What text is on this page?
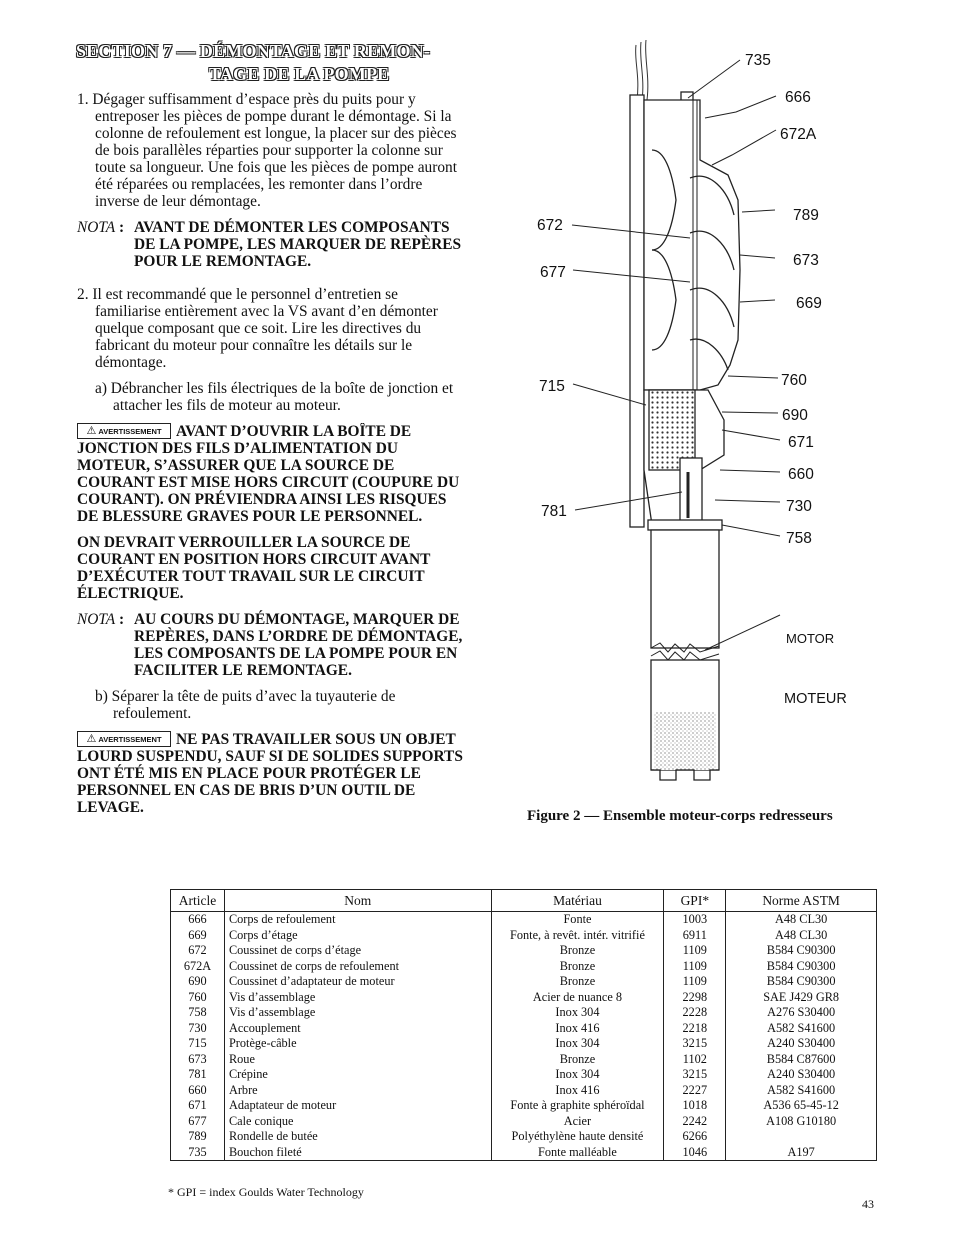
SECTION 7 — DÉMONTAGE ET REMON-
TAGE DE LA POMPE

1. Dégager suffisamment d’espace près du puits pour y entreposer les pièces de pompe durant le démontage. Si la colonne de refoulement est longue, la placer sur des pièces de bois parallèles réparties pour supporter la colonne sur toute sa longueur. Une fois que les pièces de pompe auront été réparées ou remplacées, les remonter dans l’ordre inverse de leur démontage.

NOTA : AVANT DE DÉMONTER LES COMPOSANTS DE LA POMPE, LES MARQUER DE REPÈRES POUR LE REMONTAGE.

2. Il est recommandé que le personnel d’entretien se familiarise entièrement avec la VS avant d’en démonter quelque composant que ce soit. Lire les directives du fabricant du moteur pour connaître les détails sur le démontage.

a) Débrancher les fils électriques de la boîte de jonction et attacher les fils de moteur au moteur.

⚠ AVERTISSEMENT AVANT D’OUVRIR LA BOÎTE DE JONCTION DES FILS D’ALIMENTATION DU MOTEUR, S’ASSURER QUE LA SOURCE DE COURANT EST MISE HORS CIRCUIT (COUPURE DU COURANT). ON PRÉVIENDRA AINSI LES RISQUES DE BLESSURE GRAVES POUR LE PERSONNEL.

ON DEVRAIT VERROUILLER LA SOURCE DE COURANT EN POSITION HORS CIRCUIT AVANT D’EXÉCUTER TOUT TRAVAIL SUR LE CIRCUIT ÉLECTRIQUE.

NOTA : AU COURS DU DÉMONTAGE, MARQUER DE REPÈRES, DANS L’ORDRE DE DÉMONTAGE, LES COMPOSANTS DE LA POMPE POUR EN FACILITER LE REMONTAGE.

b) Séparer la tête de puits d’avec la tuyauterie de refoulement.

⚠ AVERTISSEMENT NE PAS TRAVAILLER SOUS UN OBJET LOURD SUSPENDU, SAUF SI DE SOLIDES SUPPORTS ONT ÉTÉ MIS EN PLACE POUR PROTÉGER LE PERSONNEL EN CAS DE BRIS D’UN OUTIL DE LEVAGE.

735
666
672A
789
673
669
760
690
671
660
730
758
672
677
715
781
MOTOR
MOTEUR
Figure 2 — Ensemble moteur-corps redresseurs
Article	Nom	Matériau	GPI*	Norme ASTM
666	Corps de refoulement	Fonte	1003	A48 CL30
669	Corps d’étage	Fonte, à revêt. intér. vitrifié	6911	A48 CL30
672	Coussinet de corps d’étage	Bronze	1109	B584 C90300
672A	Coussinet de corps de refoulement	Bronze	1109	B584 C90300
690	Coussinet d’adaptateur de moteur	Bronze	1109	B584 C90300
760	Vis d’assemblage	Acier de nuance 8	2298	SAE J429 GR8
758	Vis d’assemblage	Inox 304	2228	A276 S30400
730	Accouplement	Inox 416	2218	A582 S41600
715	Protège-câble	Inox 304	3215	A240 S30400
673	Roue	Bronze	1102	B584 C87600
781	Crépine	Inox 304	3215	A240 S30400
660	Arbre	Inox 416	2227	A582 S41600
671	Adaptateur de moteur	Fonte à graphite sphéroïdal	1018	A536 65-45-12
677	Cale conique	Acier	2242	A108 G10180
789	Rondelle de butée	Polyéthylène haute densité	6266	
735	Bouchon fileté	Fonte malléable	1046	A197
* GPI = index Goulds Water Technology
43
